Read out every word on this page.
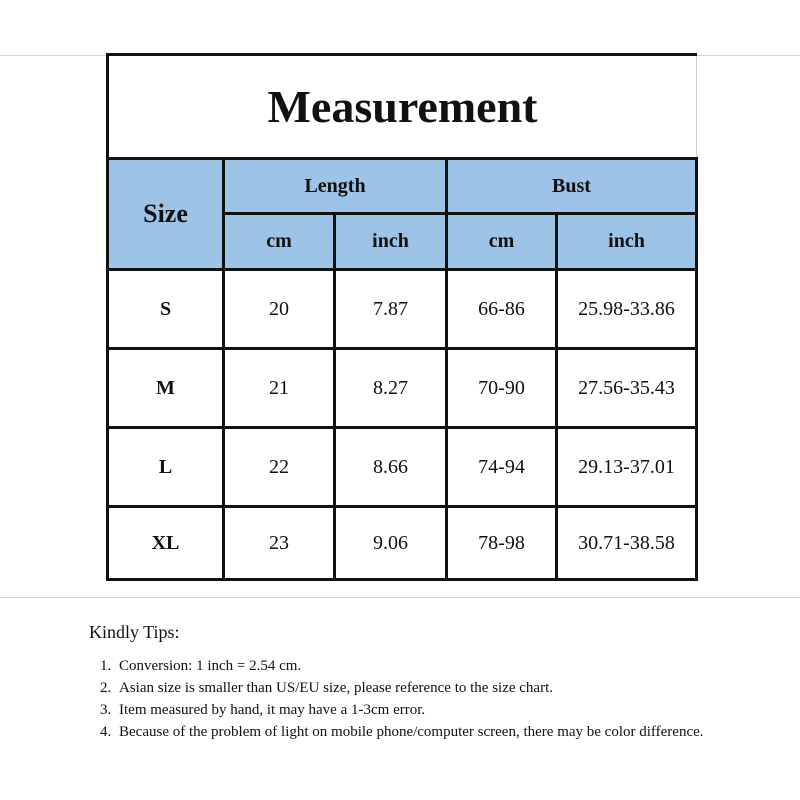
Measurement				
Size	Length		Bust	
	cm	inch	cm	inch
S	20	7.87	66-86	25.98-33.86
M	21	8.27	70-90	27.56-35.43
L	22	8.66	74-94	29.13-37.01
XL	23	9.06	78-98	30.71-38.58
Kindly Tips:
1. Conversion: 1 inch = 2.54 cm.
2. Asian size is smaller than US/EU size, please reference to the size chart.
3. Item measured by hand, it may have a 1-3cm error.
4. Because of the problem of light on mobile phone/computer screen, there may be color difference.
